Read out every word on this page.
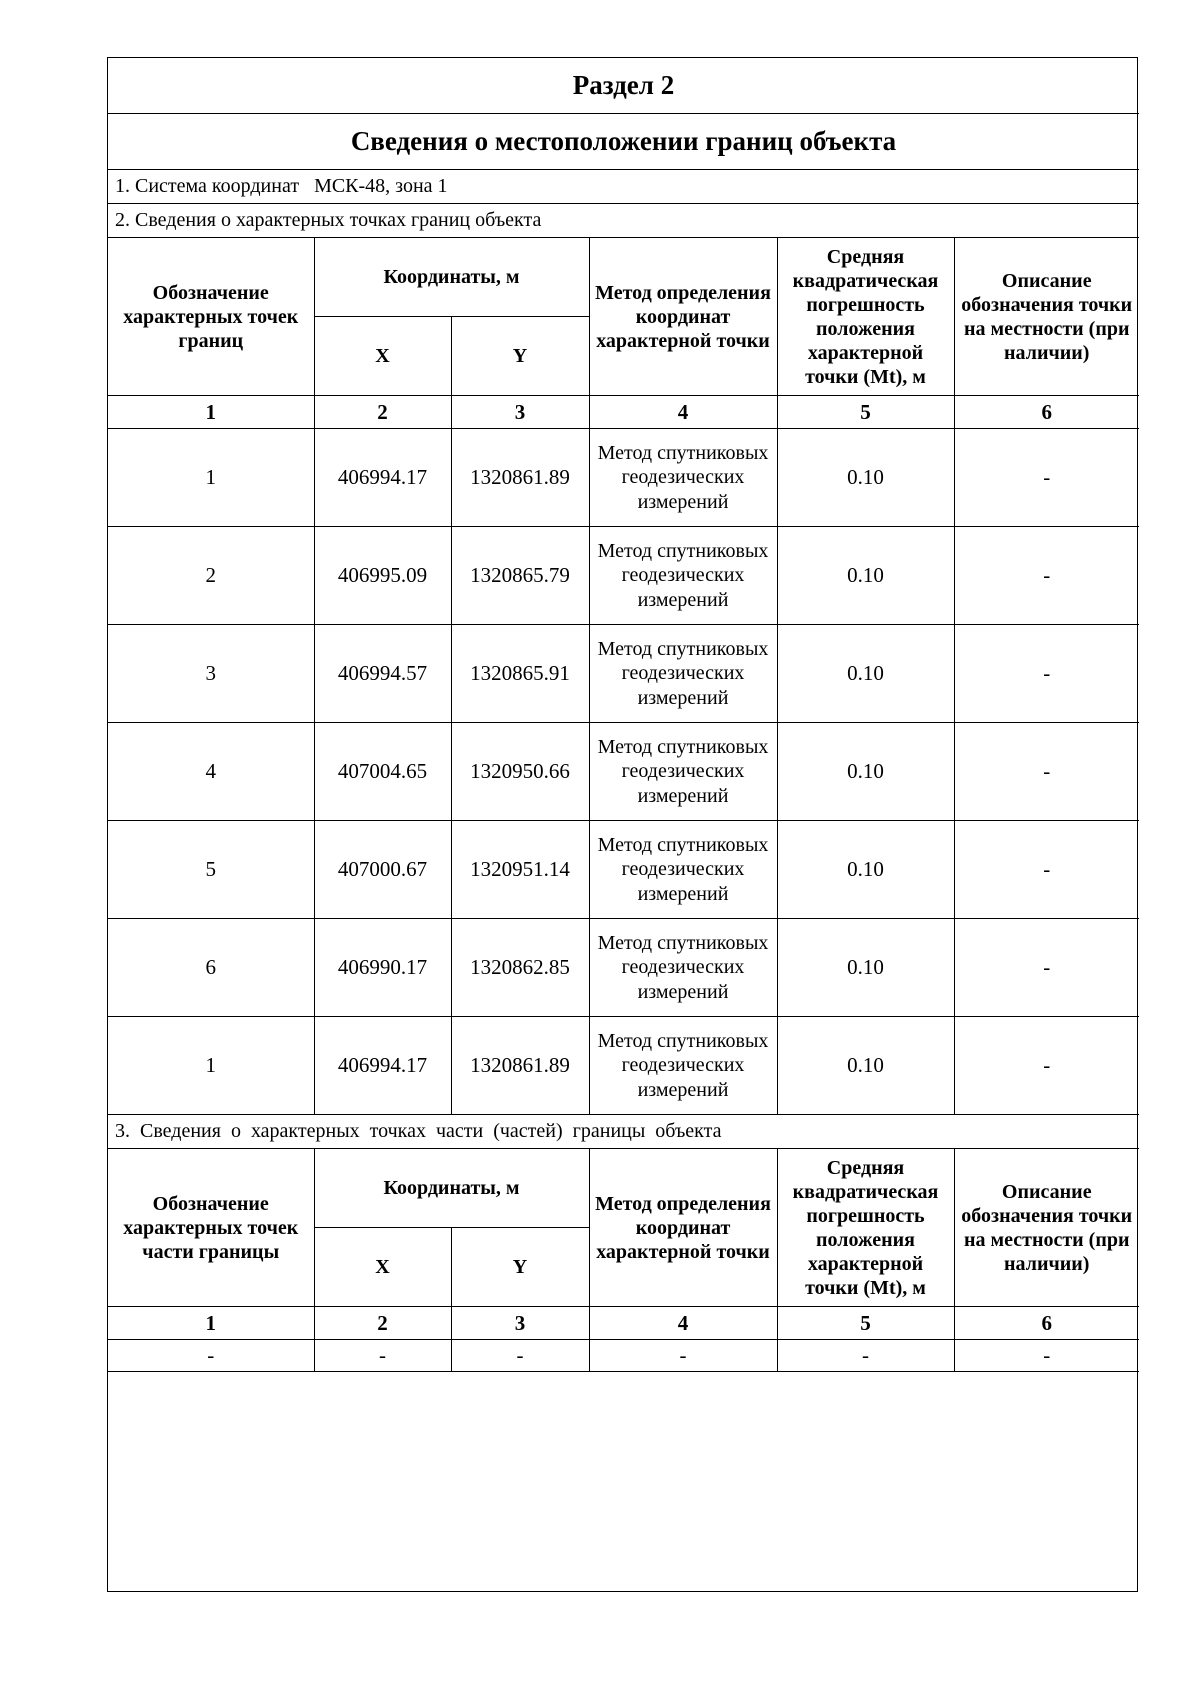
Раздел 2					
Сведения о местоположении границ объекта					
1. Система координат МСК-48, зона 1					
2. Сведения о характерных точках границ объекта					
Обозначение характерных точек границ	Координаты, м		Метод определения координат характерной точки	Средняя квадратическая погрешность положения характерной точки (Mt), м	Описание обозначения точки на местности (при наличии)
	X	Y			
1	2	3	4	5	6
1	406994.17	1320861.89	Метод спутниковых геодезических измерений	0.10	-
2	406995.09	1320865.79	Метод спутниковых геодезических измерений	0.10	-
3	406994.57	1320865.91	Метод спутниковых геодезических измерений	0.10	-
4	407004.65	1320950.66	Метод спутниковых геодезических измерений	0.10	-
5	407000.67	1320951.14	Метод спутниковых геодезических измерений	0.10	-
6	406990.17	1320862.85	Метод спутниковых геодезических измерений	0.10	-
1	406994.17	1320861.89	Метод спутниковых геодезических измерений	0.10	-
3. Сведения о характерных точках части (частей) границы объекта					
Обозначение характерных точек части границы	Координаты, м		Метод определения координат характерной точки	Средняя квадратическая погрешность положения характерной точки (Mt), м	Описание обозначения точки на местности (при наличии)
	X	Y			
1	2	3	4	5	6
-	-	-	-	-	-
